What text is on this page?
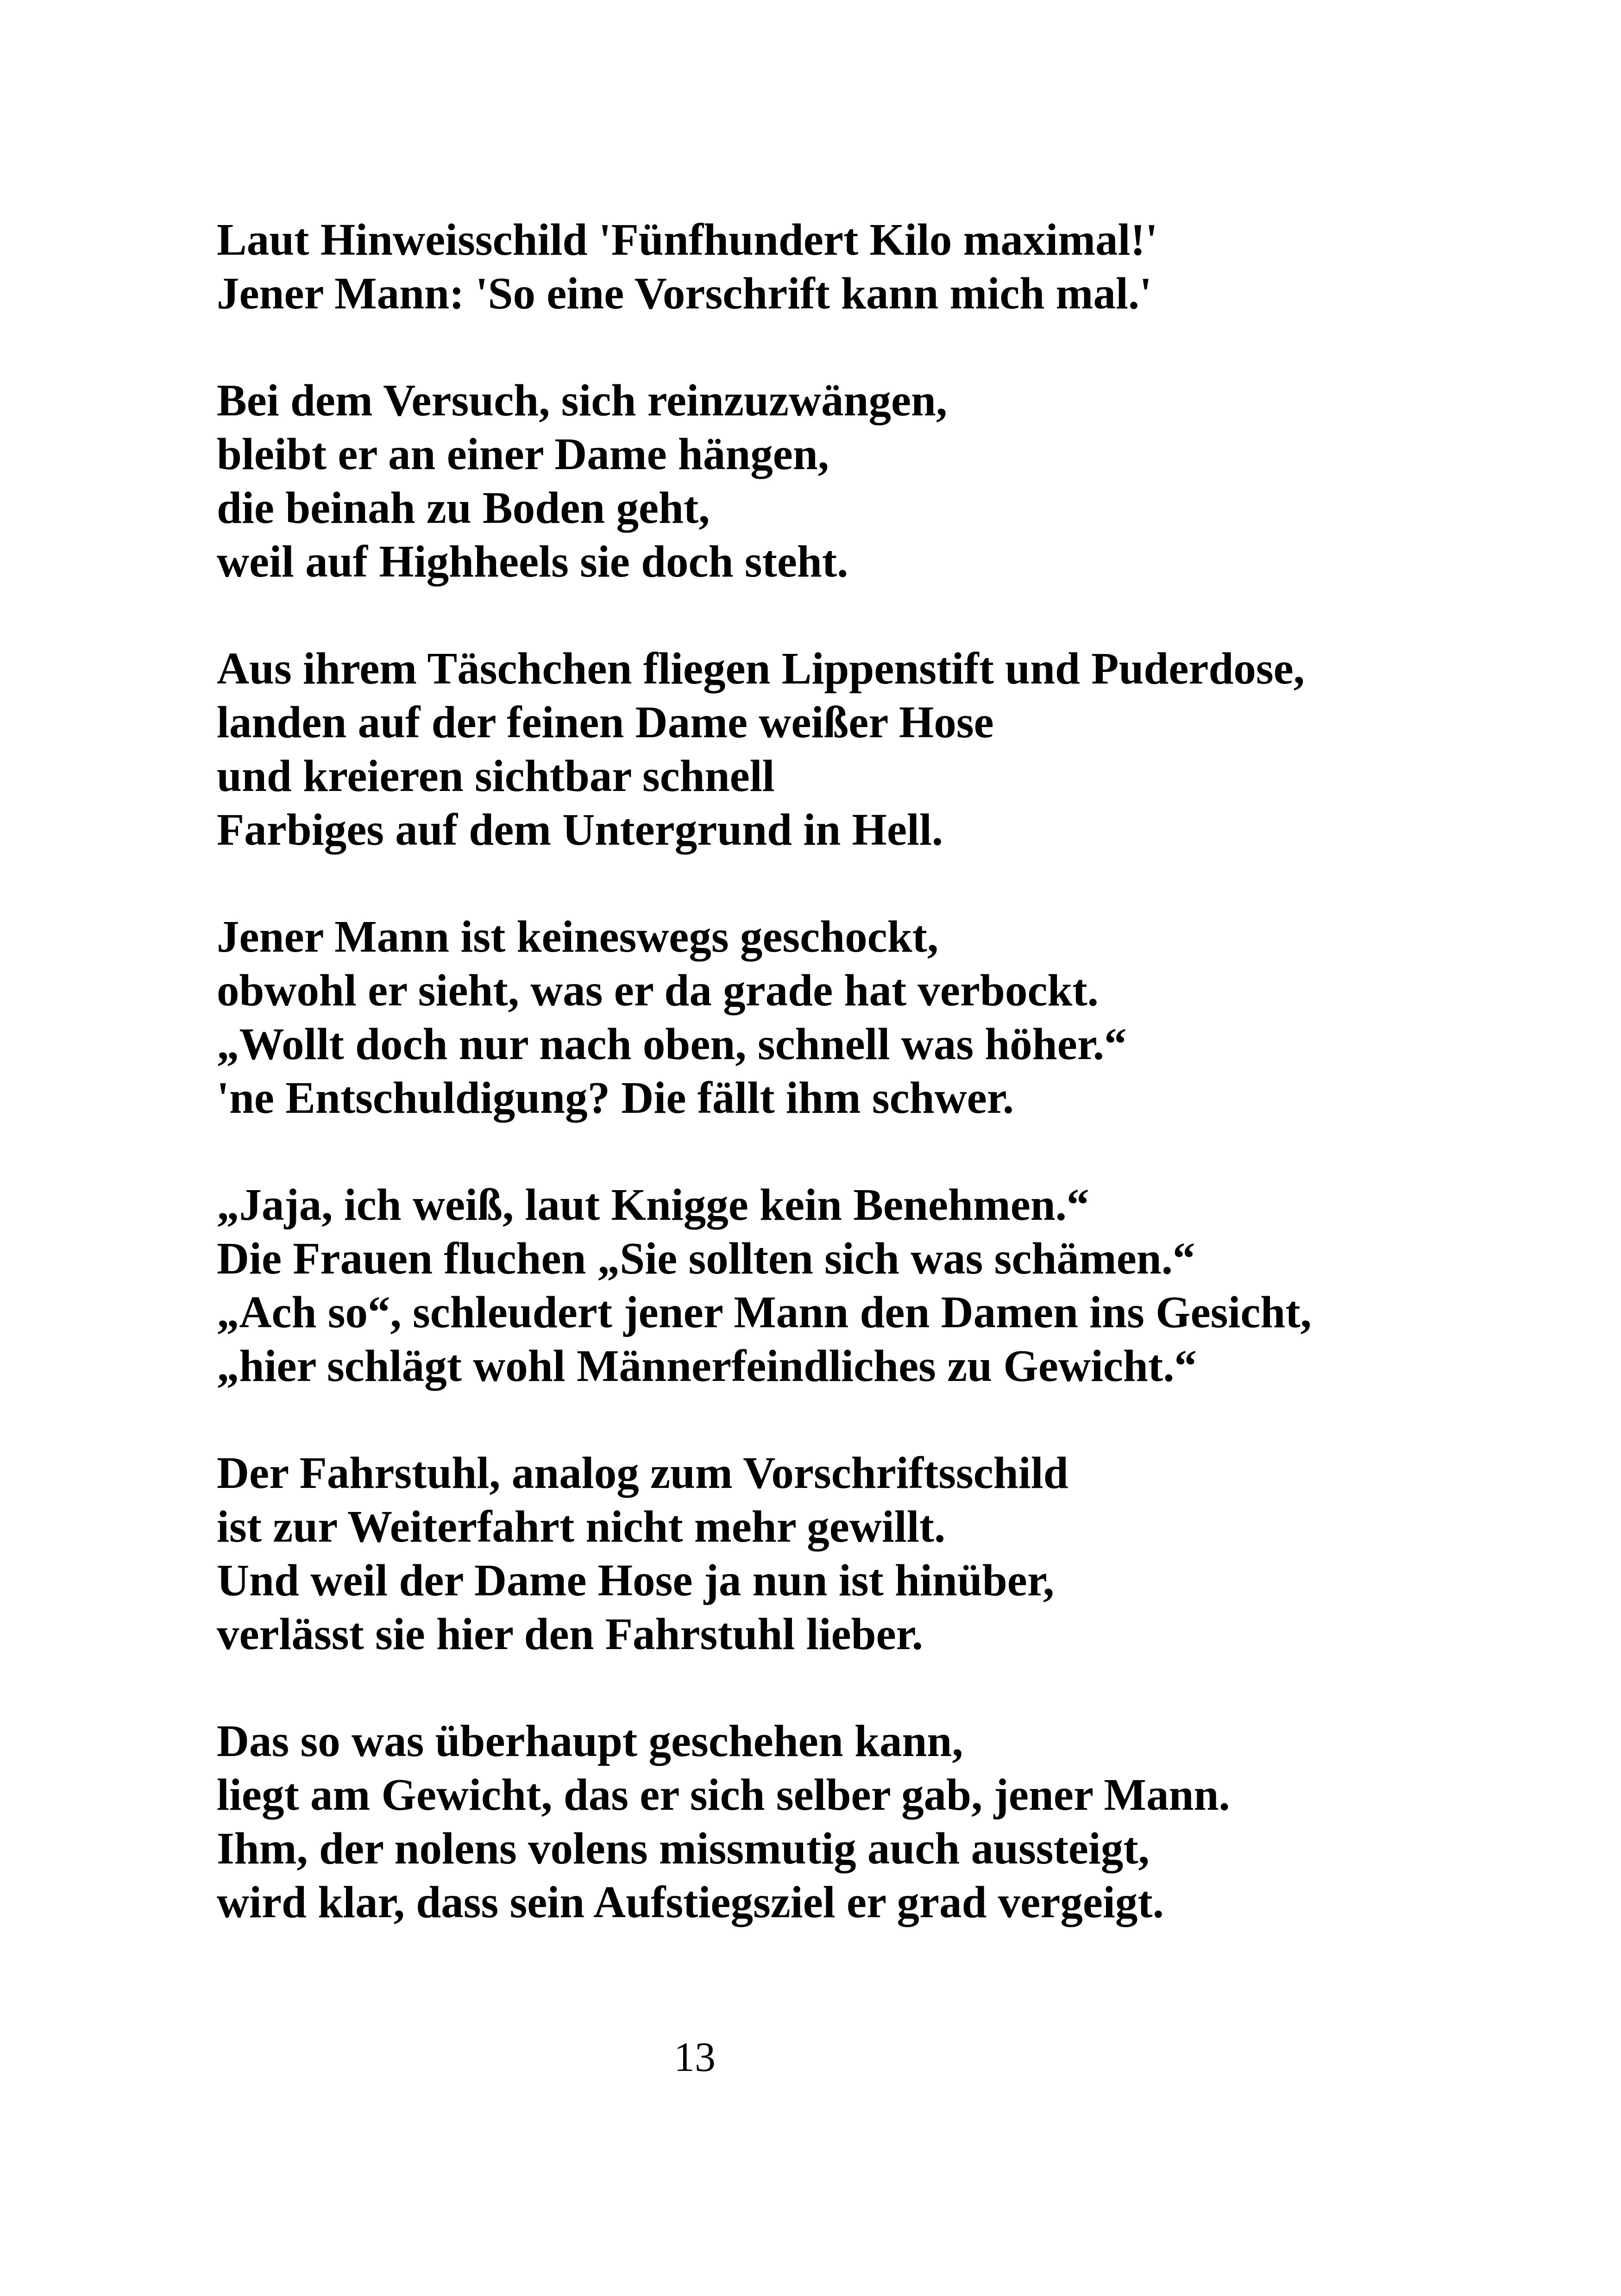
Laut Hinweisschild 'Fünfhundert Kilo maximal!'
Jener Mann: 'So eine Vorschrift kann mich mal.'
Bei dem Versuch, sich reinzuzwängen,
bleibt er an einer Dame hängen,
die beinah zu Boden geht,
weil auf Highheels sie doch steht.
Aus ihrem Täschchen fliegen Lippenstift und Puderdose,
landen auf der feinen Dame weißer Hose
und kreieren sichtbar schnell
Farbiges auf dem Untergrund in Hell.
Jener Mann ist keineswegs geschockt,
obwohl er sieht, was er da grade hat verbockt.
„Wollt doch nur nach oben, schnell was höher.“
'ne Entschuldigung? Die fällt ihm schwer.
„Jaja, ich weiß, laut Knigge kein Benehmen.“
Die Frauen fluchen „Sie sollten sich was schämen.“
„Ach so“, schleudert jener Mann den Damen ins Gesicht,
„hier schlägt wohl Männerfeindliches zu Gewicht.“
Der Fahrstuhl, analog zum Vorschriftsschild
ist zur Weiterfahrt nicht mehr gewillt.
Und weil der Dame Hose ja nun ist hinüber,
verlässt sie hier den Fahrstuhl lieber.
Das so was überhaupt geschehen kann,
liegt am Gewicht, das er sich selber gab, jener Mann.
Ihm, der nolens volens missmutig auch aussteigt,
wird klar, dass sein Aufstiegsziel er grad vergeigt.
13
